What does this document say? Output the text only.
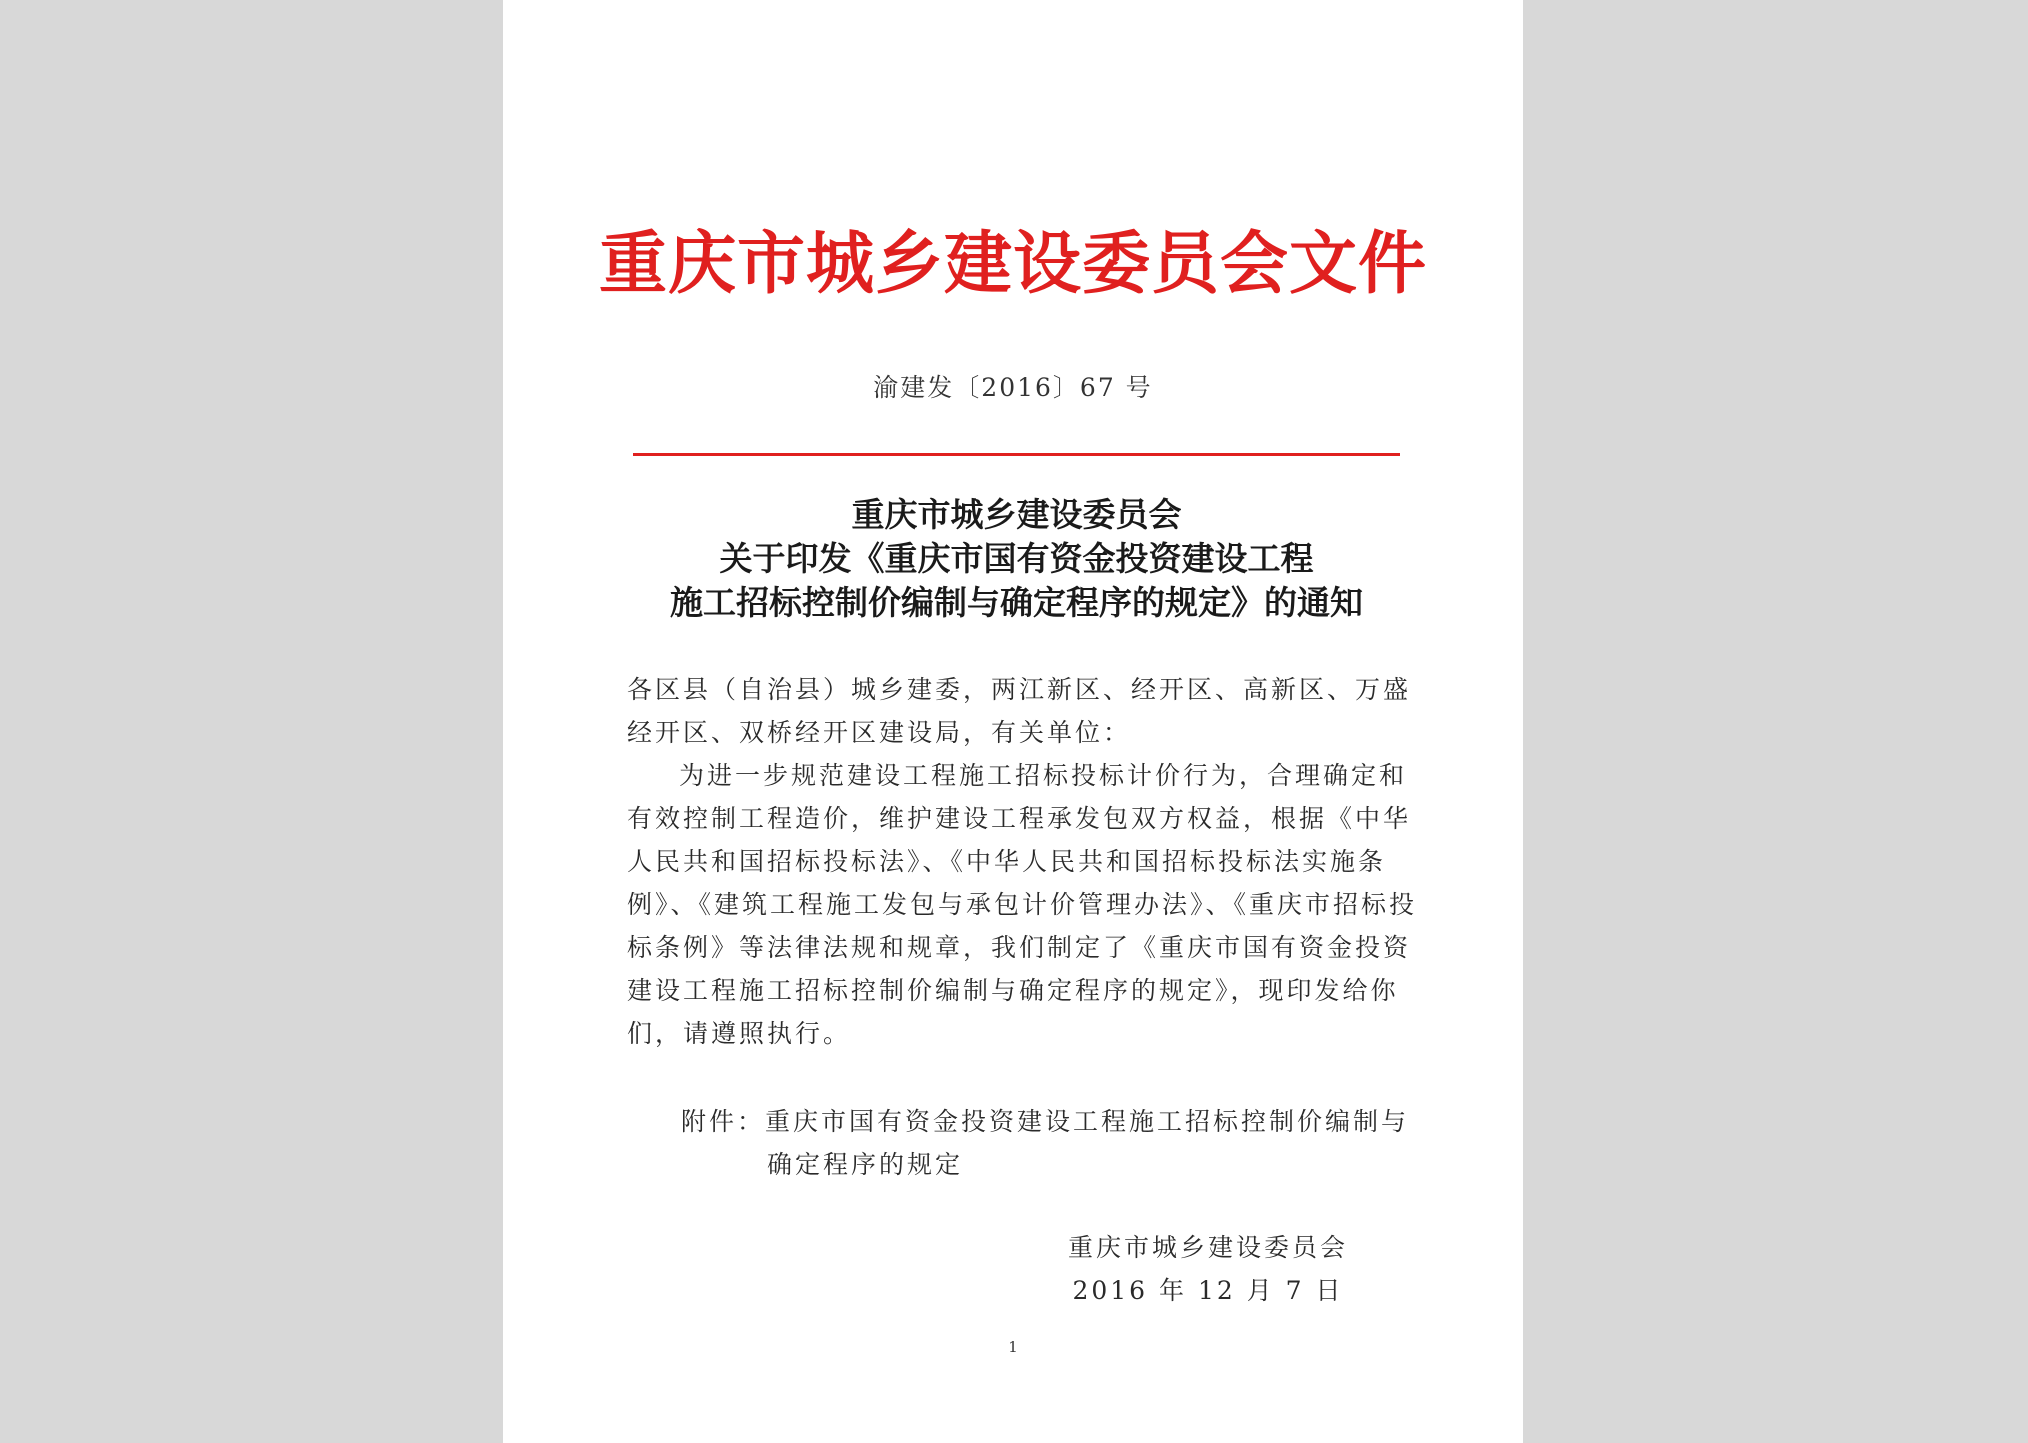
重庆市城乡建设委员会文件
渝建发〔2016〕67 号
重庆市城乡建设委员会
关于印发《重庆市国有资金投资建设工程
施工招标控制价编制与确定程序的规定》的通知
各区县（自治县）城乡建委，两江新区、经开区、高新区、万盛
经开区、双桥经开区建设局，有关单位：
为进一步规范建设工程施工招标投标计价行为，合理确定和
有效控制工程造价，维护建设工程承发包双方权益，根据《中华
人民共和国招标投标法》、《中华人民共和国招标投标法实施条
例》、《建筑工程施工发包与承包计价管理办法》、《重庆市招标投
标条例》等法律法规和规章，我们制定了《重庆市国有资金投资
建设工程施工招标控制价编制与确定程序的规定》，现印发给你
们，请遵照执行。
附件：重庆市国有资金投资建设工程施工招标控制价编制与
确定程序的规定
重庆市城乡建设委员会
2016 年 12 月 7 日
1
